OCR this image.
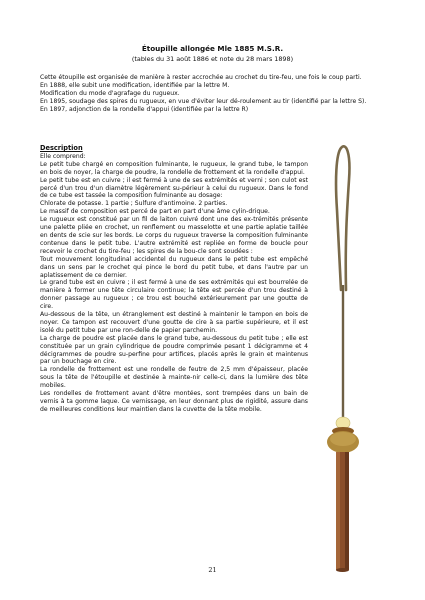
Étoupille allongée Mle 1885 M.S.R.
(tables du 31 août 1886 et note du 28 mars 1898)

Cette étoupille est organisée de manière à rester accrochée au crochet du tire-feu, une fois le coup parti.

En 1888, elle subit une modification, identifiée par la lettre M.

Modification du mode d'agrafage du rugueux.

En 1895, soudage des spires du rugueux, en vue d'éviter leur dé-roulement au tir (identifié par la lettre S).

En 1897, adjonction de la rondelle d'appui (identifiée par la lettre R)

Description

Elle comprend:

Le petit tube chargé en composition fulminante, le rugueux, le grand tube, le tampon en bois de noyer, la charge de poudre, la rondelle de frottement et la rondelle d'appui.

Le petit tube est en cuivre ; il est fermé à une de ses extrémités et verni ; son culot est percé d'un trou d'un diamètre légèrement su-périeur à celui du rugueux. Dans le fond de ce tube est tassée la composition fulminante au dosage:

Chlorate de potasse. 1 partie ; Sulfure d'antimoine. 2 parties.

Le massif de composition est percé de part en part d'une âme cylin-drique.

Le rugueux est constitué par un fil de laiton cuivré dont une des ex-trémités présente une palette pliée en crochet, un renflement ou masselotte et une partie aplatie taillée en dents de scie sur les bords. Le corps du rugueux traverse la composition fulminante contenue dans le petit tube. L'autre extrémité est repliée en forme de boucle pour recevoir le crochet du tire-feu ; les spires de la bou-cle sont soudées :

Tout mouvement longitudinal accidentel du rugueux dans le petit tube est empêché dans un sens par le crochet qui pince le bord du petit tube, et dans l'autre par un aplatissement de ce dernier.

Le grand tube est en cuivre ; il est fermé à une de ses extrémités qui est bourrelée de manière à former une tête circulaire continue; la tête est percée d'un trou destiné à donner passage au rugueux ; ce trou est bouché extérieurement par une goutte de cire.

Au-dessous de la tête, un étranglement est destiné à maintenir le tampon en bois de noyer. Ce tampon est recouvert d'une goutte de cire à sa partie supérieure, et il est isolé du petit tube par une ron-delle de papier parchemin.

La charge de poudre est placée dans le grand tube, au-dessous du petit tube ; elle est constituée par un grain cylindrique de poudre comprimée pesant 1 décigramme et 4 décigrammes de poudre su-perfine pour artifices, placés après le grain et maintenus par un bouchage en cire.

La rondelle de frottement est une rondelle de feutre de 2,5 mm d'épaisseur, placée sous la tête de l'étoupille et destinée à mainte-nir celle-ci, dans la lumière des tête mobiles.

Les rondelles de frottement avant d'être montées, sont trempées dans un bain de vernis à ta gomme laque. Ce vernissage, en leur donnant plus de rigidité, assure dans de meilleures conditions leur maintien dans la cuvette de la tête mobile.

21
